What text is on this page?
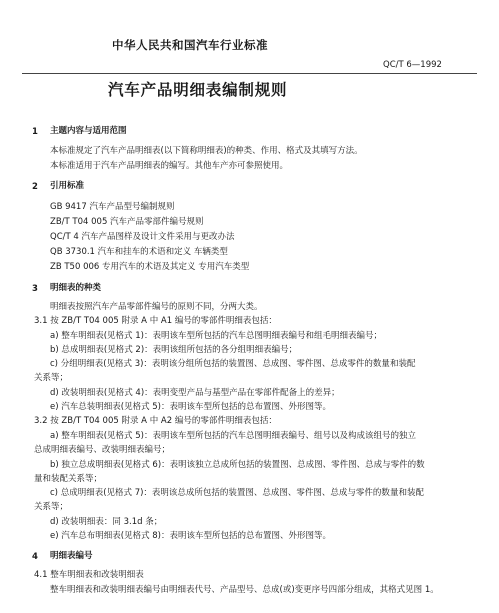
中华人民共和国汽车行业标准
QC/T 6—1992
汽车产品明细表编制规则
1 主题内容与适用范围
本标准规定了汽车产品明细表(以下简称明细表)的种类、作用、格式及其填写方法。
本标准适用于汽车产品明细表的编写。其他车产亦可参照使用。
2 引用标准
GB 9417 汽车产品型号编制规则
ZB/T T04 005 汽车产品零部件编号规则
QC/T 4 汽车产品图样及设计文件采用与更改办法
QB 3730.1 汽车和挂车的术语和定义 车辆类型
ZB T50 006 专用汽车的术语及其定义 专用汽车类型
3 明细表的种类
明细表按照汽车产品零部件编号的原则不同，分两大类。
3.1 按 ZB/T T04 005 附录 A 中 A1 编号的零部件明细表包括：
a) 整车明细表(见格式 1)：表明该车型所包括的汽车总图明细表编号和组毛明细表编号；
b) 总成明细表(见格式 2)：表明该组所包括的各分组明细表编号；
c) 分组明细表(见格式 3)：表明该分组所包括的装置图、总成图、零件图、总成零件的数量和装配
关系等；
d) 改装明细表(见格式 4)：表明变型产品与基型产品在零部件配备上的差异；
e) 汽车总装明细表(见格式 5)：表明该车型所包括的总布置图、外形图等。
3.2 按 ZB/T T04 005 附录 A 中 A2 编号的零部件明细表包括：
a) 整车明细表(见格式 5)：表明该车型所包括的汽车总图明细表编号、组号以及构成该组号的独立
总成明细表编号、改装明细表编号；
b) 独立总成明细表(见格式 6)：表明该独立总成所包括的装置图、总成图、零件图、总成与零件的数
量和装配关系等；
c) 总成明细表(见格式 7)：表明该总成所包括的装置图、总成图、零件图、总成与零件的数量和装配
关系等；
d) 改装明细表：同 3.1d 条；
e) 汽车总布明细表(见格式 8)：表明该车型所包括的总布置图、外形图等。
4 明细表编号
4.1 整车明细表和改装明细表
整车明细表和改装明细表编号由明细表代号、产品型号、总成(或)变更序号四部分组成，其格式见图 1。
